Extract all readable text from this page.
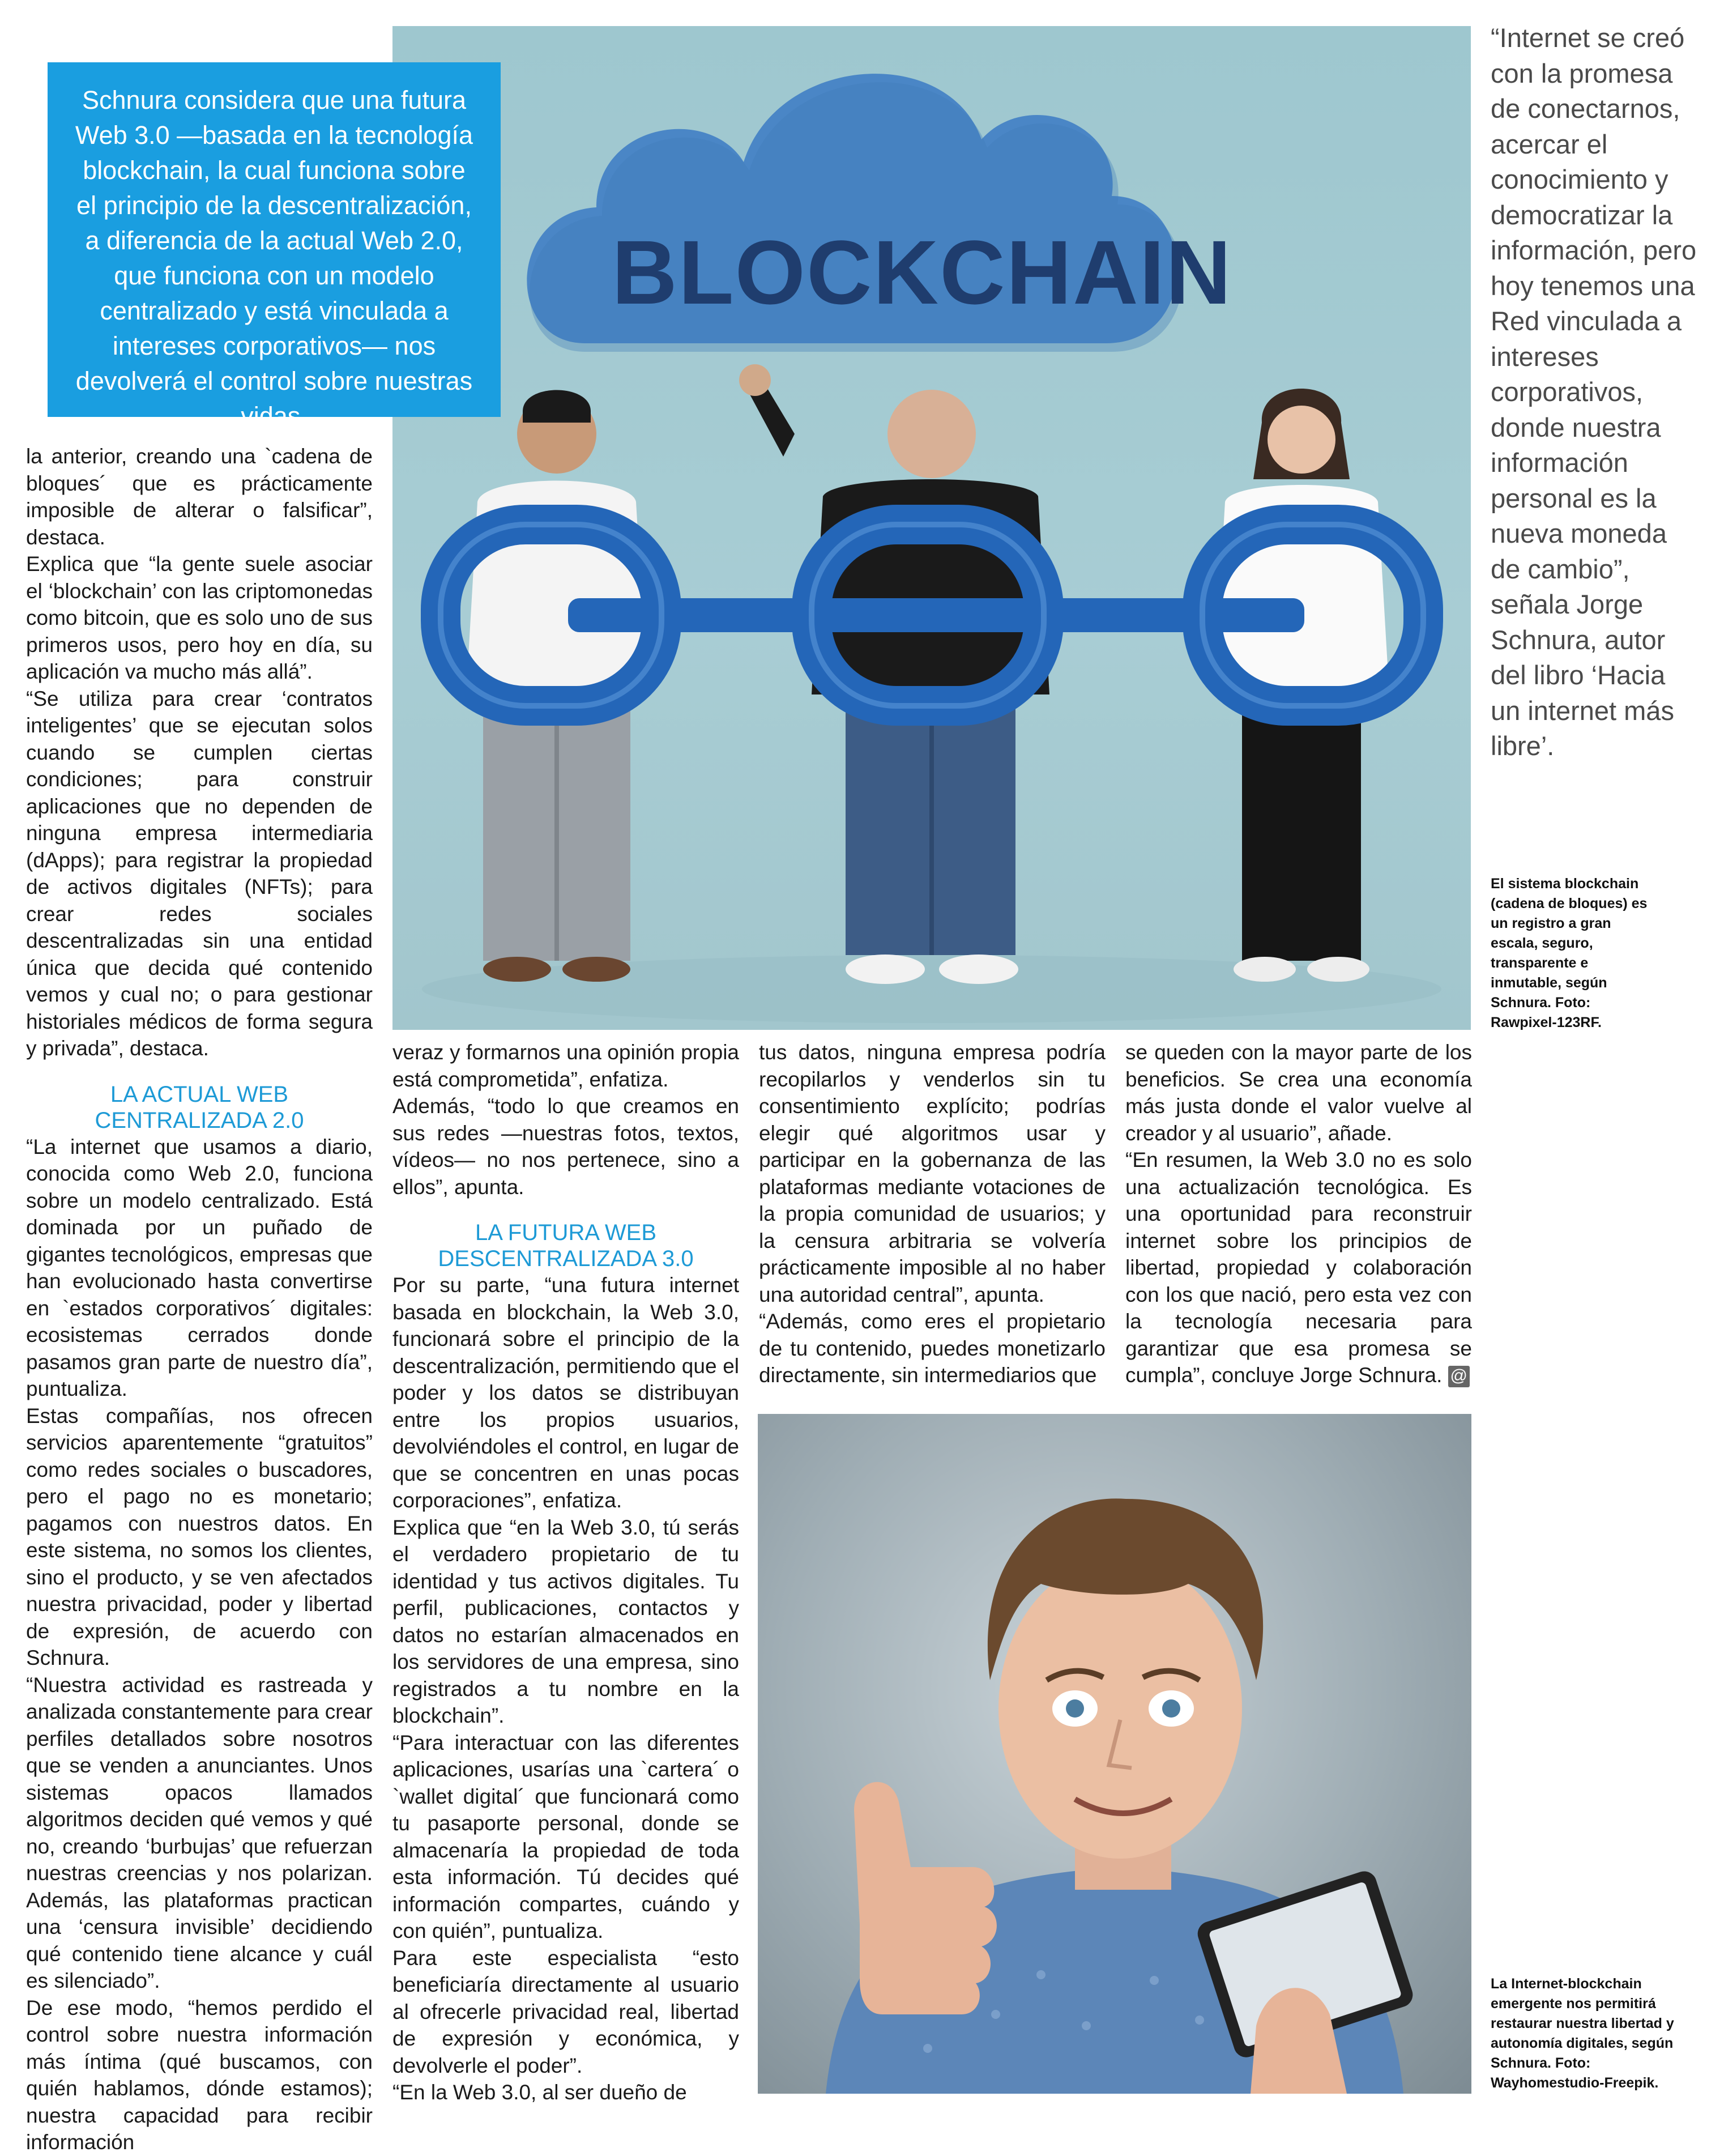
BLOCKCHAIN
Schnura considera que una futura Web 3.0 —basada en la tecnología blockchain, la cual funciona sobre el principio de la descentralización, a diferencia de la actual Web 2.0, que funciona con un modelo centralizado y está vinculada a intereses corporativos— nos devolverá el control sobre nuestras vidas.
“Internet se creó con la promesa de conectarnos, acercar el conocimiento y democratizar la información, pero hoy tenemos una Red vinculada a intereses corporativos, donde nuestra información personal es la nueva moneda de cambio”, señala Jorge Schnura, autor del libro ‘Hacia un internet más libre’.
El sistema blockchain (cadena de bloques) es un registro a gran escala, seguro, transparente e inmutable, según Schnura. Foto: Rawpixel-123RF.

la anterior, creando una `cadena de bloques´ que es prácticamente imposible de alterar o falsificar”, destaca.

Explica que “la gente suele asociar el ‘blockchain’ con las criptomonedas como bitcoin, que es solo uno de sus primeros usos, pero hoy en día, su aplicación va mucho más allá”.

“Se utiliza para crear ‘contratos inteligentes’ que se ejecutan solos cuando se cumplen ciertas condiciones; para construir aplicaciones que no dependen de ninguna empresa intermediaria (dApps); para registrar la propiedad de activos digitales (NFTs); para crear redes sociales descentralizadas sin una entidad única que decida qué contenido vemos y cual no; o para gestionar historiales médicos de forma segura y privada”, destaca.

LA ACTUAL WEB
CENTRALIZADA 2.0

“La internet que usamos a diario, conocida como Web 2.0, funciona sobre un modelo centralizado. Está dominada por un puñado de gigantes tecnológicos, empresas que han evolucionado hasta convertirse en `estados corporativos´ digitales: ecosistemas cerrados donde pasamos gran parte de nuestro día”, puntualiza.

Estas compañías, nos ofrecen servicios aparentemente “gratuitos” como redes sociales o buscadores, pero el pago no es monetario; pagamos con nuestros datos. En este sistema, no somos los clientes, sino el producto, y se ven afectados nuestra privacidad, poder y libertad de expresión, de acuerdo con Schnura.

“Nuestra actividad es rastreada y analizada constantemente para crear perfiles detallados sobre nosotros que se venden a anunciantes. Unos sistemas opacos llamados algoritmos deciden qué vemos y qué no, creando ‘burbujas’ que refuerzan nuestras creencias y nos polarizan. Además, las plataformas practican una ‘censura invisible’ decidiendo qué contenido tiene alcance y cuál es silenciado”.

De ese modo, “hemos perdido el control sobre nuestra información más íntima (qué buscamos, con quién hablamos, dónde estamos); nuestra capacidad para recibir información

veraz y formarnos una opinión propia está comprometida”, enfatiza.

Además, “todo lo que creamos en sus redes —nuestras fotos, textos, vídeos— no nos pertenece, sino a ellos”, apunta.

LA FUTURA WEB
DESCENTRALIZADA 3.0

Por su parte, “una futura internet basada en blockchain, la Web 3.0, funcionará sobre el principio de la descentralización, permitiendo que el poder y los datos se distribuyan entre los propios usuarios, devolviéndoles el control, en lugar de que se concentren en unas pocas corporaciones”, enfatiza.

Explica que “en la Web 3.0, tú serás el verdadero propietario de tu identidad y tus activos digitales. Tu perfil, publicaciones, contactos y datos no estarían almacenados en los servidores de una empresa, sino registrados a tu nombre en la blockchain”.

“Para interactuar con las diferentes aplicaciones, usarías una `cartera´ o `wallet digital´ que funcionará como tu pasaporte personal, donde se almacenaría la propiedad de toda esta información. Tú decides qué información compartes, cuándo y con quién”, puntualiza.

Para este especialista “esto beneficiaría directamente al usuario al ofrecerle privacidad real, libertad de expresión y económica, y devolverle el poder”.

“En la Web 3.0, al ser dueño de

tus datos, ninguna empresa podría recopilarlos y venderlos sin tu consentimiento explícito; podrías elegir qué algoritmos usar y participar en la gobernanza de las plataformas mediante votaciones de la propia comunidad de usuarios; y la censura arbitraria se volvería prácticamente imposible al no haber una autoridad central”, apunta.

“Además, como eres el propietario de tu contenido, puedes monetizarlo directamente, sin intermediarios que

se queden con la mayor parte de los beneficios. Se crea una economía más justa donde el valor vuelve al creador y al usuario”, añade.

“En resumen, la Web 3.0 no es solo una actualización tecnológica. Es una oportunidad para reconstruir internet sobre los principios de libertad, propiedad y colaboración con los que nació, pero esta vez con la tecnología necesaria para garantizar que esa promesa se cumpla”, concluye Jorge Schnura. @

La Internet-blockchain emergente nos permitirá restaurar nuestra libertad y autonomía digitales, según Schnura. Foto: Wayhomestudio-Freepik.
